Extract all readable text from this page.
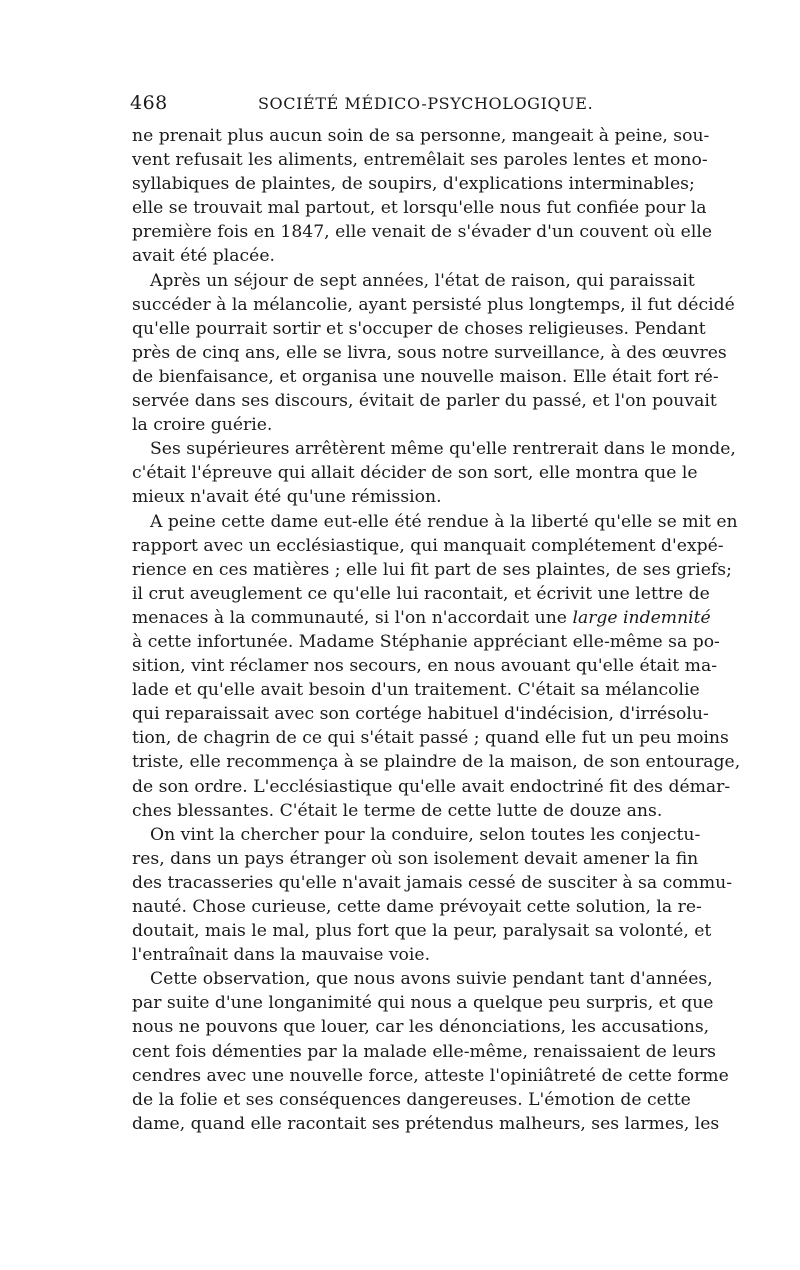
468	SOCIÉTÉ MÉDICO-PSYCHOLOGIQUE.
ne prenait plus aucun soin de sa personne, mangeait à peine, sou-
vent refusait les aliments, entremêlait ses paroles lentes et mono-
syllabiques de plaintes, de soupirs, d'explications interminables;
elle se trouvait mal partout, et lorsqu'elle nous fut confiée pour la
première fois en 1847, elle venait de s'évader d'un couvent où elle
avait été placée.
Après un séjour de sept années, l'état de raison, qui paraissait
succéder à la mélancolie, ayant persisté plus longtemps, il fut décidé
qu'elle pourrait sortir et s'occuper de choses religieuses. Pendant
près de cinq ans, elle se livra, sous notre surveillance, à des œuvres
de bienfaisance, et organisa une nouvelle maison. Elle était fort ré-
servée dans ses discours, évitait de parler du passé, et l'on pouvait
la croire guérie.
Ses supérieures arrêtèrent même qu'elle rentrerait dans le monde,
c'était l'épreuve qui allait décider de son sort, elle montra que le
mieux n'avait été qu'une rémission.
A peine cette dame eut-elle été rendue à la liberté qu'elle se mit en
rapport avec un ecclésiastique, qui manquait complétement d'expé-
rience en ces matières ; elle lui fit part de ses plaintes, de ses griefs;
il crut aveuglement ce qu'elle lui racontait, et écrivit une lettre de
menaces à la communauté, si l'on n'accordait une large indemnité
à cette infortunée. Madame Stéphanie appréciant elle-même sa po-
sition, vint réclamer nos secours, en nous avouant qu'elle était ma-
lade et qu'elle avait besoin d'un traitement. C'était sa mélancolie
qui reparaissait avec son cortége habituel d'indécision, d'irrésolu-
tion, de chagrin de ce qui s'était passé ; quand elle fut un peu moins
triste, elle recommença à se plaindre de la maison, de son entourage,
de son ordre. L'ecclésiastique qu'elle avait endoctriné fit des démar-
ches blessantes. C'était le terme de cette lutte de douze ans.
On vint la chercher pour la conduire, selon toutes les conjectu-
res, dans un pays étranger où son isolement devait amener la fin
des tracasseries qu'elle n'avait jamais cessé de susciter à sa commu-
nauté. Chose curieuse, cette dame prévoyait cette solution, la re-
doutait, mais le mal, plus fort que la peur, paralysait sa volonté, et
l'entraînait dans la mauvaise voie.
Cette observation, que nous avons suivie pendant tant d'années,
par suite d'une longanimité qui nous a quelque peu surpris, et que
nous ne pouvons que louer, car les dénonciations, les accusations,
cent fois démenties par la malade elle-même, renaissaient de leurs
cendres avec une nouvelle force, atteste l'opiniâtreté de cette forme
de la folie et ses conséquences dangereuses. L'émotion de cette
dame, quand elle racontait ses prétendus malheurs, ses larmes, les
